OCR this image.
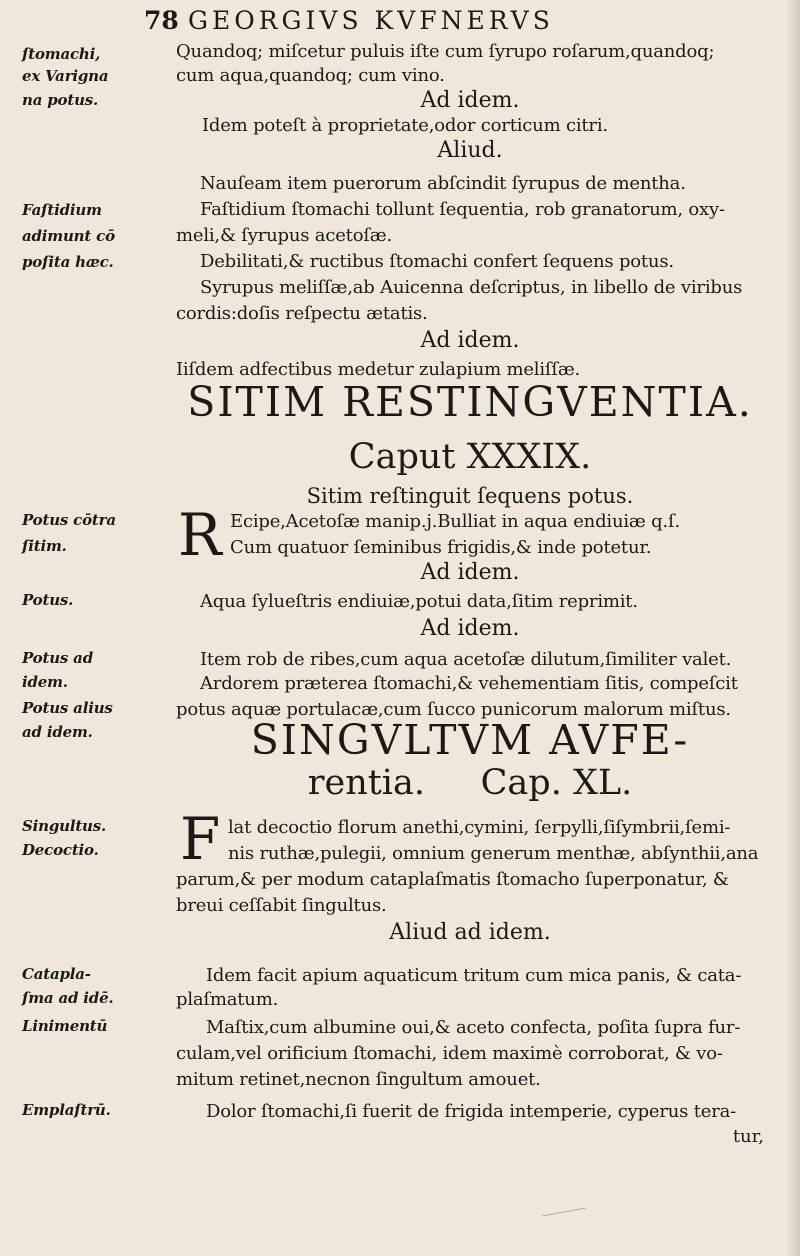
78 GEORGIVS KVFNERVS
ſtomachi,
ex Varigna
na potus.
Faſtidium
adimunt cō
poſita hæc.
Potus cōtra
ſitim.
Potus.
Potus ad
idem.
Potus alius
ad idem.
Singultus.
Decoctio.
Catapla-
ſma ad idē.
Linimentū
Emplaſtrū.
Quandoq; miſcetur puluis iſte cum ſyrupo roſarum,quandoq;
cum aqua,quandoq; cum vino.
Ad idem.
Idem poteſt à proprietate,odor corticum citri.
Aliud.
Nauſeam item puerorum abſcindit ſyrupus de mentha.
Faſtidium ſtomachi tollunt ſequentia, rob granatorum, oxy-
meli,& ſyrupus acetoſæ.
Debilitati,& ructibus ſtomachi confert ſequens potus.
Syrupus meliſſæ,ab Auicenna deſcriptus, in libello de viribus
cordis:doſis reſpectu ætatis.
Ad idem.
Iiſdem adfectibus medetur zulapium meliſſæ.
SITIM RESTINGVENTIA.
Caput XXXIX.
Sitim reſtinguit ſequens potus.
R Ecipe,Acetoſæ manip.j.Bulliat in aqua endiuiæ q.ſ.
Cum quatuor ſeminibus frigidis,& inde potetur.
Ad idem.
Aqua ſylueſtris endiuiæ,potui data,ſitim reprimit.
Ad idem.
Item rob de ribes,cum aqua acetoſæ dilutum,ſimiliter valet.
Ardorem præterea ſtomachi,& vehementiam ſitis, compeſcit
potus aquæ portulacæ,cum ſucco punicorum malorum miſtus.
SINGVLTVM AVFE-
rentia. Cap. XL.
F lat decoctio florum anethi,cymini, ſerpylli,ſiſymbrii,ſemi-
nis ruthæ,pulegii, omnium generum menthæ, abſynthii,ana
parum,& per modum cataplaſmatis ſtomacho ſuperponatur, &
breui ceſſabit ſingultus.
Aliud ad idem.
Idem facit apium aquaticum tritum cum mica panis, & cata-
plaſmatum.
Maſtix,cum albumine oui,& aceto confecta, poſita ſupra fur-
culam,vel orificium ſtomachi, idem maximè corroborat, & vo-
mitum retinet,necnon ſingultum amouet.
Dolor ſtomachi,ſi fuerit de frigida intemperie, cyperus tera-
tur,
